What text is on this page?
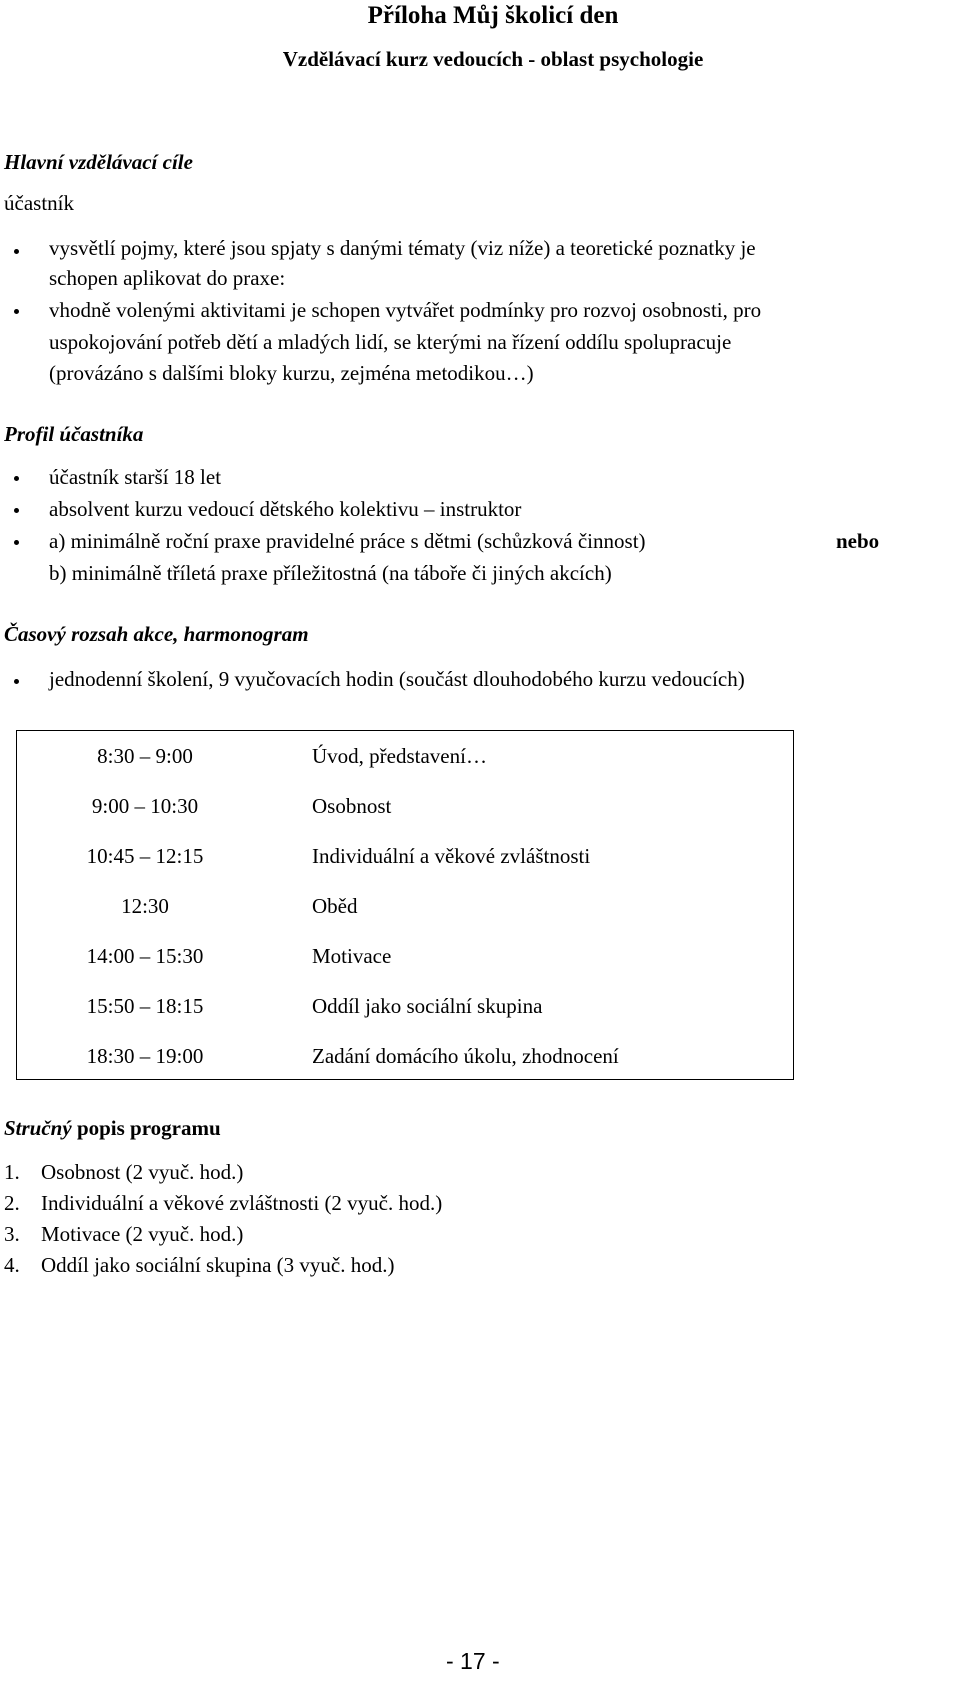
Příloha Můj školicí den
Vzdělávací kurz vedoucích - oblast psychologie
Hlavní vzdělávací cíle
účastník
vysvětlí pojmy, které jsou spjaty s danými tématy (viz níže) a teoretické poznatky je
schopen aplikovat do praxe:
vhodně volenými aktivitami je schopen vytvářet podmínky pro rozvoj osobnosti, pro
uspokojování potřeb dětí a mladých lidí, se kterými na řízení oddílu spolupracuje
(provázáno s dalšími bloky kurzu, zejména metodikou…)
Profil účastníka
účastník starší 18 let
absolvent kurzu vedoucí dětského kolektivu – instruktor
a) minimálně roční praxe pravidelné práce s dětmi (schůzková činnost)	nebo
b) minimálně tříletá praxe příležitostná (na táboře či jiných akcích)
Časový rozsah akce, harmonogram
jednodenní školení, 9 vyučovacích hodin (součást dlouhodobého kurzu vedoucích)
8:30 – 9:00	Úvod, představení…
9:00 – 10:30	Osobnost
10:45 – 12:15	Individuální a věkové zvláštnosti
12:30	Oběd
14:00 – 15:30	Motivace
15:50 – 18:15	Oddíl jako sociální skupina
18:30 – 19:00	Zadání domácího úkolu, zhodnocení
Stručný popis programu
1. Osobnost (2 vyuč. hod.)
2. Individuální a věkové zvláštnosti (2 vyuč. hod.)
3. Motivace (2 vyuč. hod.)
4. Oddíl jako sociální skupina (3 vyuč. hod.)
- 17 -
